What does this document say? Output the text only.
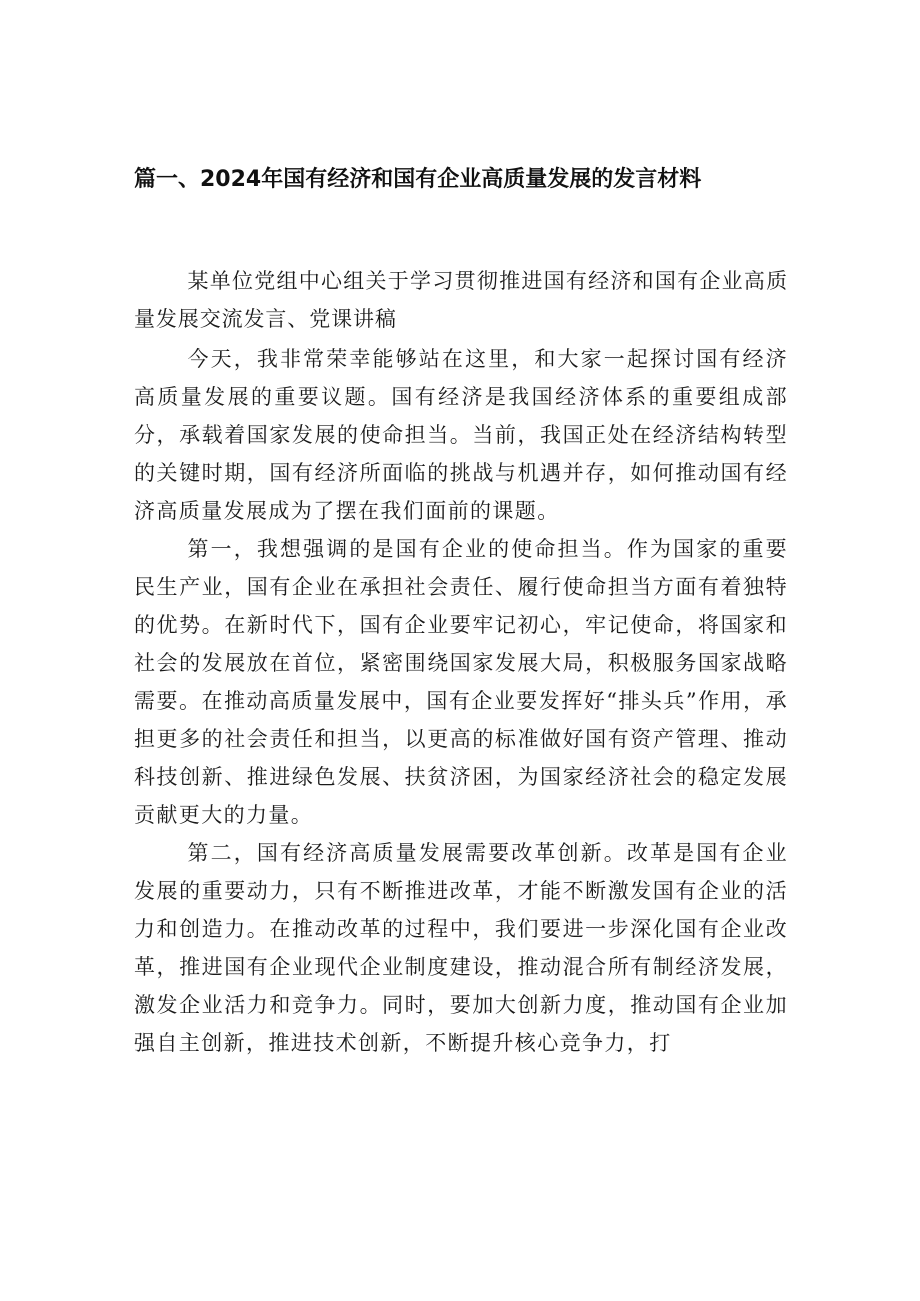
篇一、2024年国有经济和国有企业高质量发展的发言材料

某单位党组中心组关于学习贯彻推进国有经济和国有企业高质量发展交流发言、党课讲稿

今天，我非常荣幸能够站在这里，和大家一起探讨国有经济高质量发展的重要议题。国有经济是我国经济体系的重要组成部分，承载着国家发展的使命担当。当前，我国正处在经济结构转型的关键时期，国有经济所面临的挑战与机遇并存，如何推动国有经济高质量发展成为了摆在我们面前的课题。

第一，我想强调的是国有企业的使命担当。作为国家的重要民生产业，国有企业在承担社会责任、履行使命担当方面有着独特的优势。在新时代下，国有企业要牢记初心，牢记使命，将国家和社会的发展放在首位，紧密围绕国家发展大局，积极服务国家战略需要。在推动高质量发展中，国有企业要发挥好“排头兵”作用，承担更多的社会责任和担当，以更高的标准做好国有资产管理、推动科技创新、推进绿色发展、扶贫济困，为国家经济社会的稳定发展贡献更大的力量。

第二，国有经济高质量发展需要改革创新。改革是国有企业发展的重要动力，只有不断推进改革，才能不断激发国有企业的活力和创造力。在推动改革的过程中，我们要进一步深化国有企业改革，推进国有企业现代企业制度建设，推动混合所有制经济发展，激发企业活力和竞争力。同时，要加大创新力度，推动国有企业加强自主创新，推进技术创新，不断提升核心竞争力，打
